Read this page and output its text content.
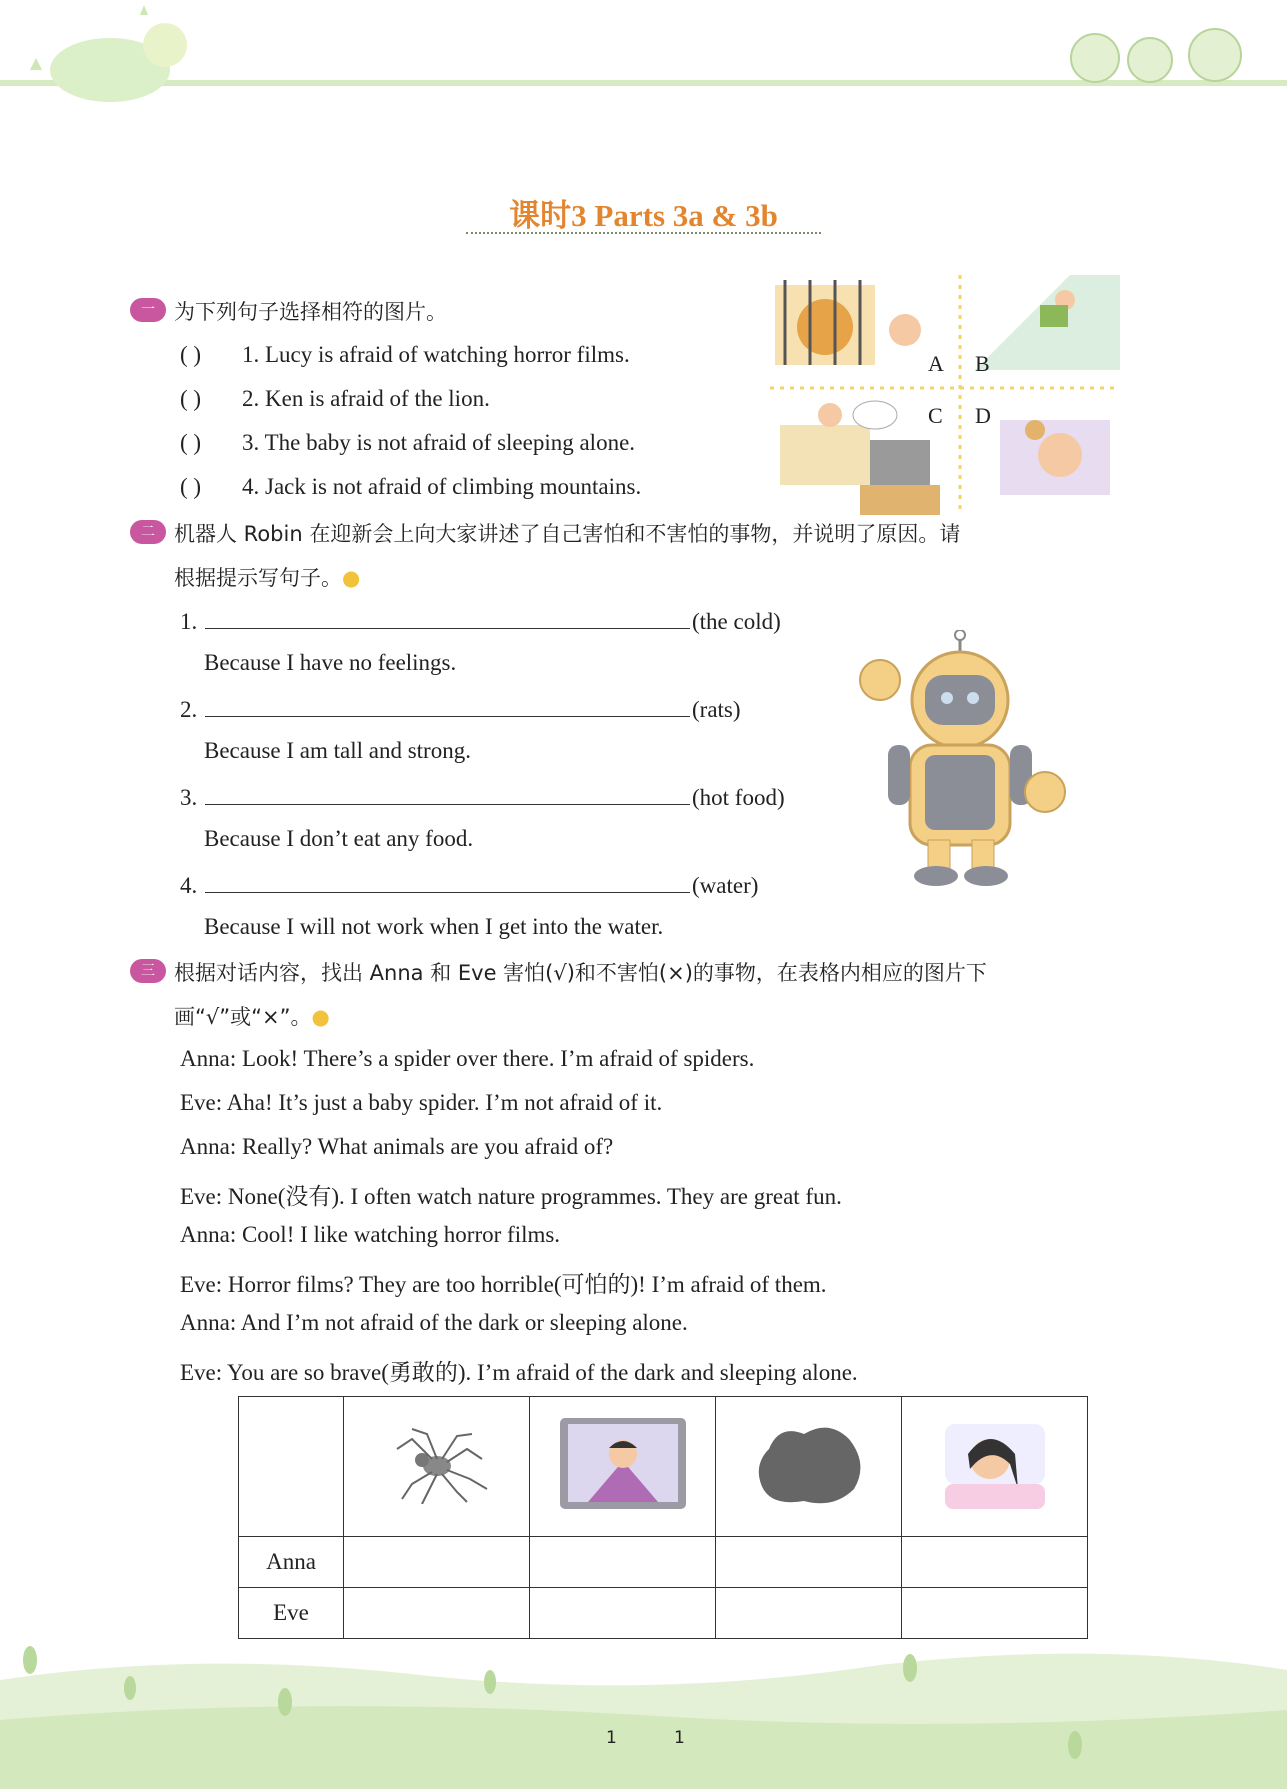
课时3 Parts 3a & 3b
一 为下列句子选择相符的图片。
( ) 1. Lucy is afraid of watching horror films.
( ) 2. Ken is afraid of the lion.
( ) 3. The baby is not afraid of sleeping alone.
( ) 4. Jack is not afraid of climbing mountains.
A B
C D
二 机器人 Robin 在迎新会上向大家讲述了自己害怕和不害怕的事物，并说明了原因。请
根据提示写句子。●
1.	(the cold)
Because I have no feelings.
2.	(rats)
Because I am tall and strong.
3.	(hot food)
Because I don’t eat any food.
4.	(water)
Because I will not work when I get into the water.
三 根据对话内容，找出 Anna 和 Eve 害怕(√)和不害怕(×)的事物，在表格内相应的图片下
画“√”或“×”。●
Anna: Look! There’s a spider over there. I’m afraid of spiders.
Eve: Aha! It’s just a baby spider. I’m not afraid of it.
Anna: Really? What animals are you afraid of?
Eve: None(没有). I often watch nature programmes. They are great fun.
Anna: Cool! I like watching horror films.
Eve: Horror films? They are too horrible(可怕的)! I’m afraid of them.
Anna: And I’m not afraid of the dark or sleeping alone.
Eve: You are so brave(勇敢的). I’m afraid of the dark and sleeping alone.

Anna				
Eve				
1	1
